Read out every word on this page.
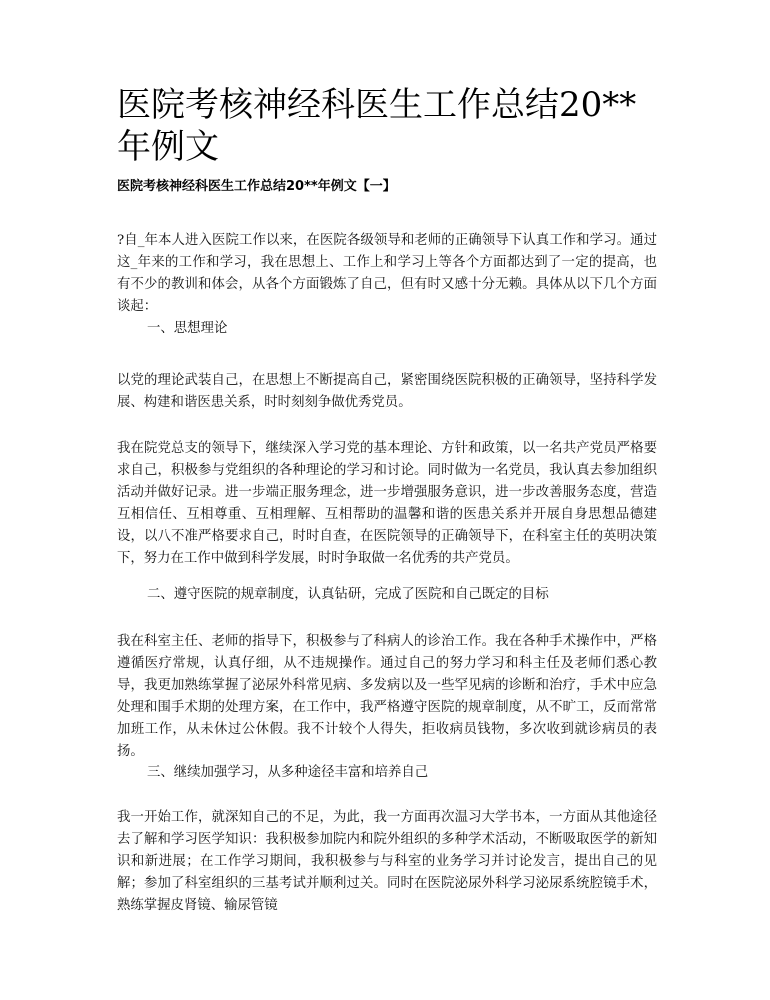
医院考核神经科医生工作总结20**年例文
医院考核神经科医生工作总结20**年例文【一】

?自_年本人进入医院工作以来，在医院各级领导和老师的正确领导下认真工作和学习。通过这_年来的工作和学习，我在思想上、工作上和学习上等各个方面都达到了一定的提高，也有不少的教训和体会，从各个方面锻炼了自己，但有时又感十分无赖。具体从以下几个方面谈起：

一、思想理论

以党的理论武装自己，在思想上不断提高自己，紧密围绕医院积极的正确领导，坚持科学发展、构建和谐医患关系，时时刻刻争做优秀党员。

我在院党总支的领导下，继续深入学习党的基本理论、方针和政策，以一名共产党员严格要求自己，积极参与党组织的各种理论的学习和讨论。同时做为一名党员，我认真去参加组织活动并做好记录。进一步端正服务理念，进一步增强服务意识，进一步改善服务态度，营造互相信任、互相尊重、互相理解、互相帮助的温馨和谐的医患关系并开展自身思想品德建设，以八不准严格要求自己，时时自查，在医院领导的正确领导下，在科室主任的英明决策下，努力在工作中做到科学发展，时时争取做一名优秀的共产党员。

二、遵守医院的规章制度，认真钻研，完成了医院和自己既定的目标

我在科室主任、老师的指导下，积极参与了科病人的诊治工作。我在各种手术操作中，严格遵循医疗常规，认真仔细，从不违规操作。通过自己的努力学习和科主任及老师们悉心教导，我更加熟练掌握了泌尿外科常见病、多发病以及一些罕见病的诊断和治疗，手术中应急处理和围手术期的处理方案，在工作中，我严格遵守医院的规章制度，从不旷工，反而常常加班工作，从未休过公休假。我不计较个人得失，拒收病员钱物，多次收到就诊病员的表扬。

三、继续加强学习，从多种途径丰富和培养自己

我一开始工作，就深知自己的不足，为此，我一方面再次温习大学书本，一方面从其他途径去了解和学习医学知识：我积极参加院内和院外组织的多种学术活动，不断吸取医学的新知识和新进展；在工作学习期间，我积极参与与科室的业务学习并讨论发言，提出自己的见解；参加了科室组织的三基考试并顺利过关。同时在医院泌尿外科学习泌尿系统腔镜手术，熟练掌握皮肾镜、输尿管镜
